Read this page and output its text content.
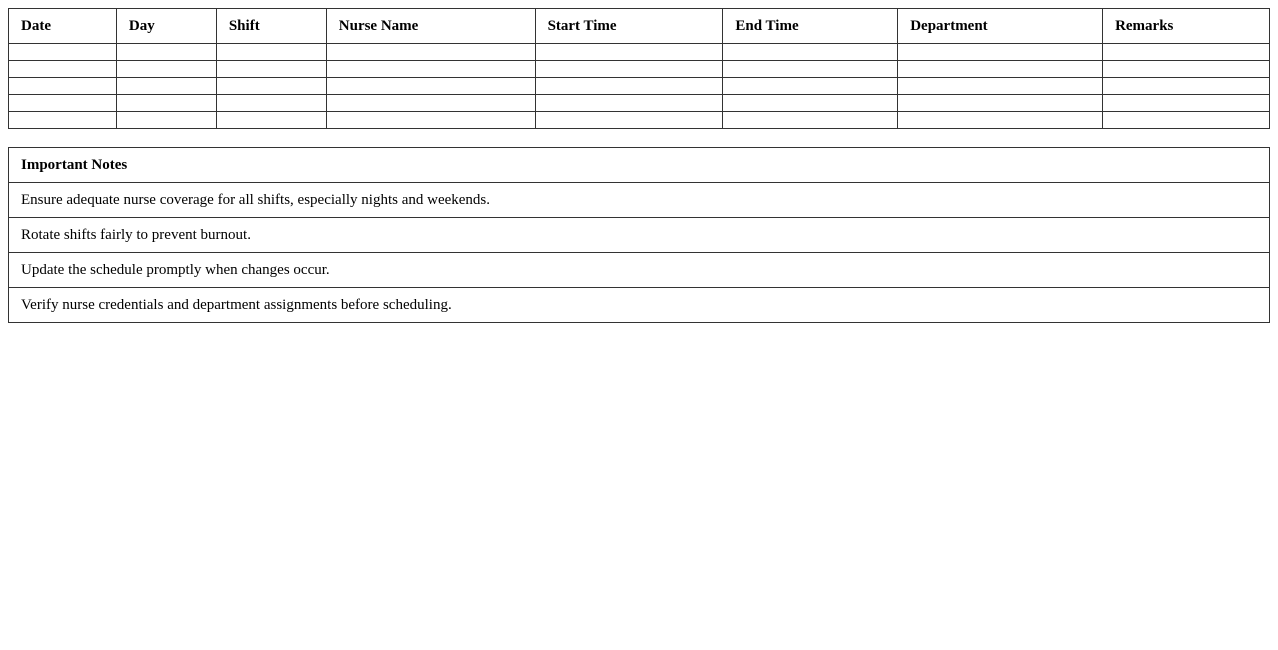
Date	Day	Shift	Nurse Name	Start Time	End Time	Department	Remarks

Important Notes
Ensure adequate nurse coverage for all shifts, especially nights and weekends.
Rotate shifts fairly to prevent burnout.
Update the schedule promptly when changes occur.
Verify nurse credentials and department assignments before scheduling.
